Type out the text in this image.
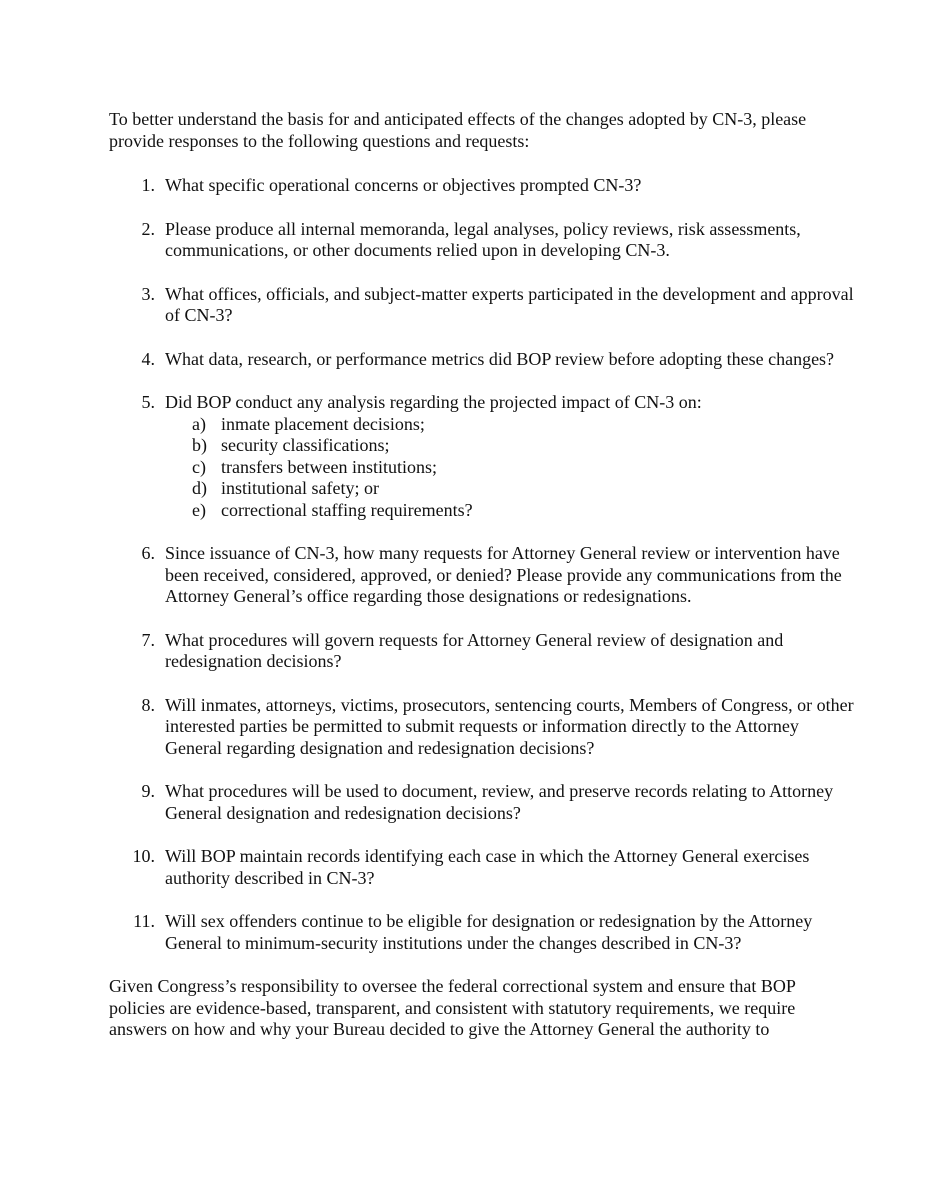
To better understand the basis for and anticipated effects of the changes adopted by CN-3, please provide responses to the following questions and requests:

1. What specific operational concerns or objectives prompted CN-3?
2. Please produce all internal memoranda, legal analyses, policy reviews, risk assessments, communications, or other documents relied upon in developing CN-3.
3. What offices, officials, and subject-matter experts participated in the development and approval of CN-3?
4. What data, research, or performance metrics did BOP review before adopting these changes?
5. Did BOP conduct any analysis regarding the projected impact of CN-3 on:
a) inmate placement decisions;
b) security classifications;
c) transfers between institutions;
d) institutional safety; or
e) correctional staffing requirements?
6. Since issuance of CN-3, how many requests for Attorney General review or intervention have been received, considered, approved, or denied? Please provide any communications from the Attorney General’s office regarding those designations or redesignations.
7. What procedures will govern requests for Attorney General review of designation and redesignation decisions?
8. Will inmates, attorneys, victims, prosecutors, sentencing courts, Members of Congress, or other interested parties be permitted to submit requests or information directly to the Attorney General regarding designation and redesignation decisions?
9. What procedures will be used to document, review, and preserve records relating to Attorney General designation and redesignation decisions?
10. Will BOP maintain records identifying each case in which the Attorney General exercises authority described in CN-3?
11. Will sex offenders continue to be eligible for designation or redesignation by the Attorney General to minimum-security institutions under the changes described in CN-3?

Given Congress’s responsibility to oversee the federal correctional system and ensure that BOP policies are evidence-based, transparent, and consistent with statutory requirements, we require answers on how and why your Bureau decided to give the Attorney General the authority to
